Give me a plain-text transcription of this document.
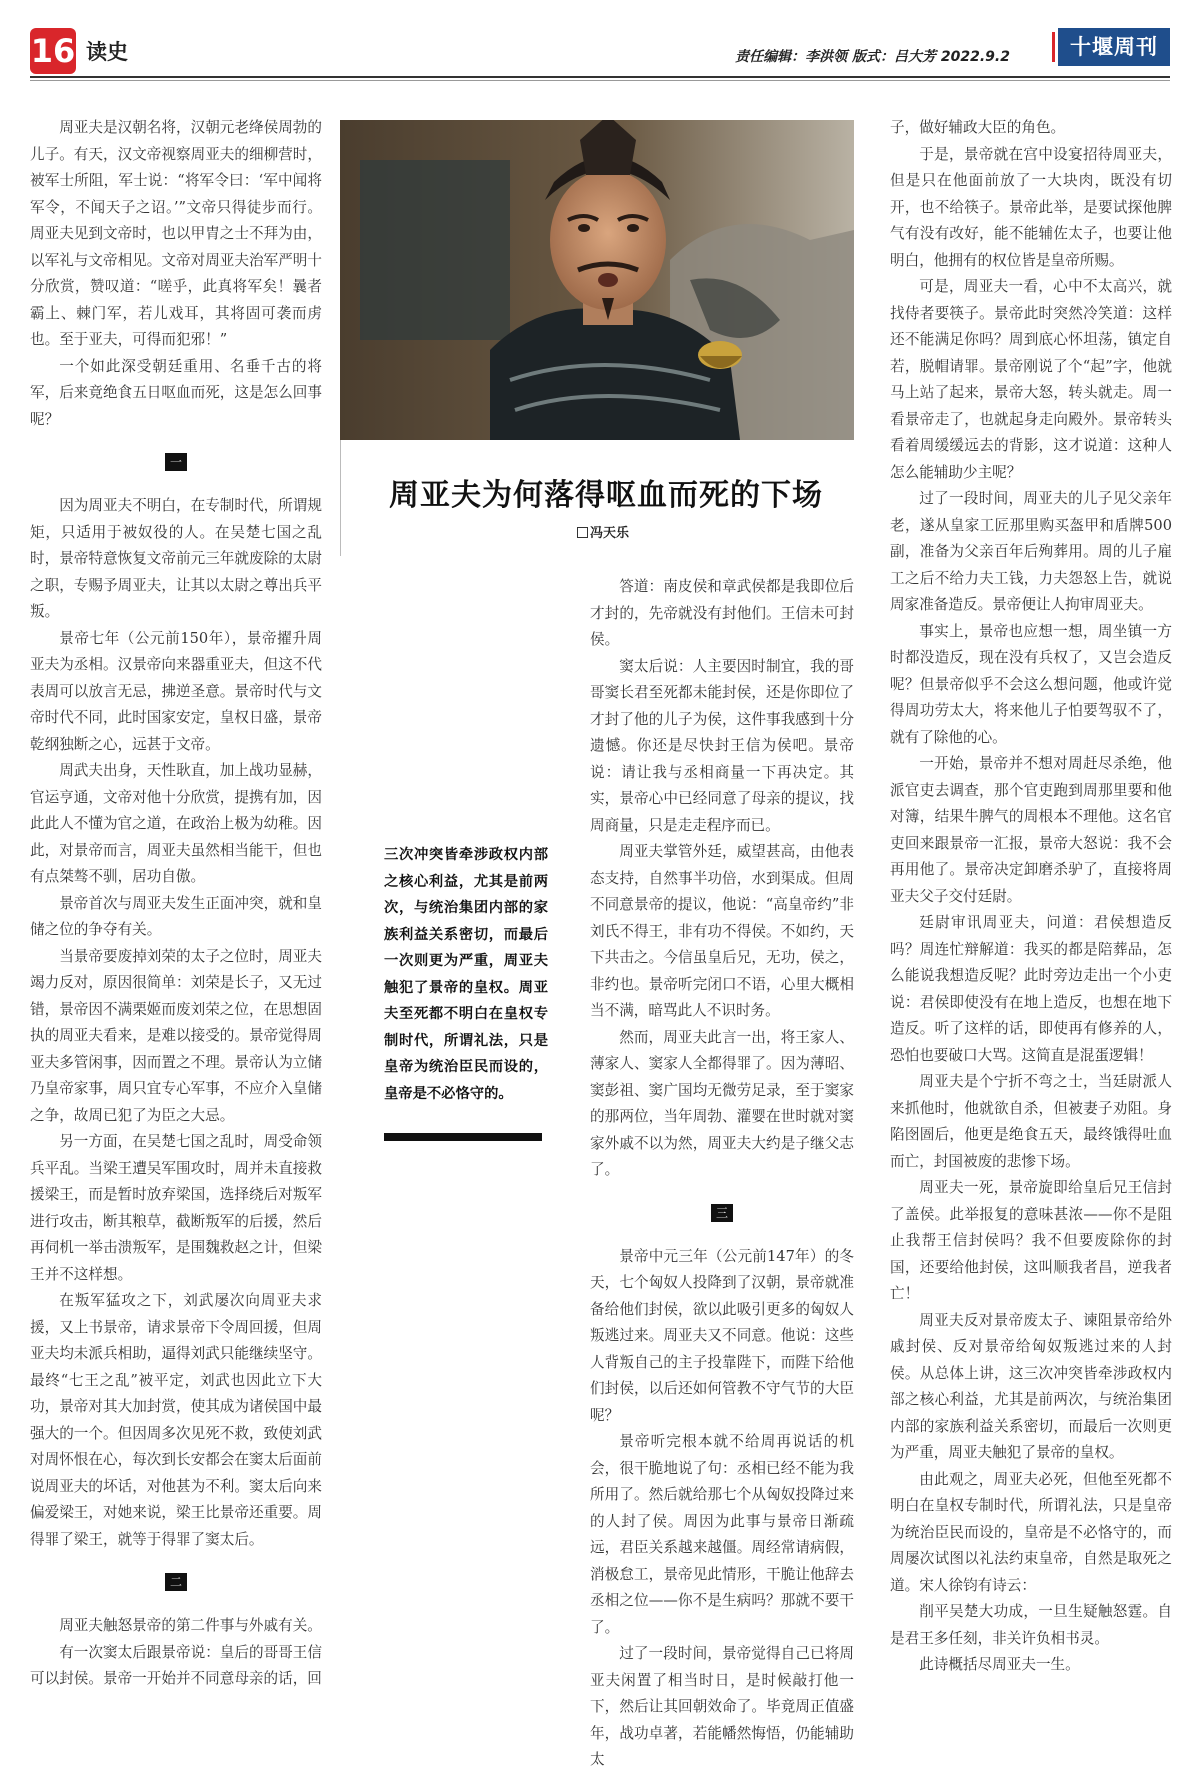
16 读史	责任编辑：李洪领 版式：吕大芳 2022.9.2	十堰周刊

周亚夫是汉朝名将，汉朝元老绛侯周勃的儿子。有天，汉文帝视察周亚夫的细柳营时，被军士所阻，军士说：“将军令曰：‘军中闻将军令，不闻天子之诏。’”文帝只得徒步而行。周亚夫见到文帝时，也以甲胄之士不拜为由，以军礼与文帝相见。文帝对周亚夫治军严明十分欣赏，赞叹道：“嗟乎，此真将军矣！曩者霸上、棘门军，若儿戏耳，其将固可袭而虏也。至于亚夫，可得而犯邪！”

一个如此深受朝廷重用、名垂千古的将军，后来竟绝食五日呕血而死，这是怎么回事呢？

一

因为周亚夫不明白，在专制时代，所谓规矩，只适用于被奴役的人。在吴楚七国之乱时，景帝特意恢复文帝前元三年就废除的太尉之职，专赐予周亚夫，让其以太尉之尊出兵平叛。

景帝七年（公元前150年），景帝擢升周亚夫为丞相。汉景帝向来器重亚夫，但这不代表周可以放言无忌，拂逆圣意。景帝时代与文帝时代不同，此时国家安定，皇权日盛，景帝乾纲独断之心，远甚于文帝。

周武夫出身，天性耿直，加上战功显赫，官运亨通，文帝对他十分欣赏，提携有加，因此此人不懂为官之道，在政治上极为幼稚。因此，对景帝而言，周亚夫虽然相当能干，但也有点桀骜不驯，居功自傲。

景帝首次与周亚夫发生正面冲突，就和皇储之位的争夺有关。

当景帝要废掉刘荣的太子之位时，周亚夫竭力反对，原因很简单：刘荣是长子，又无过错，景帝因不满栗姬而废刘荣之位，在思想固执的周亚夫看来，是难以接受的。景帝觉得周亚夫多管闲事，因而置之不理。景帝认为立储乃皇帝家事，周只宜专心军事，不应介入皇储之争，故周已犯了为臣之大忌。

另一方面，在吴楚七国之乱时，周受命领兵平乱。当梁王遭吴军围攻时，周并未直接救援梁王，而是暂时放弃梁国，选择绕后对叛军进行攻击，断其粮草，截断叛军的后援，然后再伺机一举击溃叛军，是围魏救赵之计，但梁王并不这样想。

在叛军猛攻之下，刘武屡次向周亚夫求援，又上书景帝，请求景帝下令周回援，但周亚夫均未派兵相助，逼得刘武只能继续坚守。最终“七王之乱”被平定，刘武也因此立下大功，景帝对其大加封赏，使其成为诸侯国中最强大的一个。但因周多次见死不救，致使刘武对周怀恨在心，每次到长安都会在窦太后面前说周亚夫的坏话，对他甚为不利。窦太后向来偏爱梁王，对她来说，梁王比景帝还重要。周得罪了梁王，就等于得罪了窦太后。

二

周亚夫触怒景帝的第二件事与外戚有关。

有一次窦太后跟景帝说：皇后的哥哥王信可以封侯。景帝一开始并不同意母亲的话，回

周亚夫为何落得呕血而死的下场
冯天乐
三次冲突皆牵涉政权内部之核心利益，尤其是前两次，与统治集团内部的家族利益关系密切，而最后一次则更为严重，周亚夫触犯了景帝的皇权。周亚夫至死都不明白在皇权专制时代，所谓礼法，只是皇帝为统治臣民而设的，皇帝是不必恪守的。

答道：南皮侯和章武侯都是我即位后才封的，先帝就没有封他们。王信未可封侯。

窦太后说：人主要因时制宜，我的哥哥窦长君至死都未能封侯，还是你即位了才封了他的儿子为侯，这件事我感到十分遗憾。你还是尽快封王信为侯吧。景帝说：请让我与丞相商量一下再决定。其实，景帝心中已经同意了母亲的提议，找周商量，只是走走程序而已。

周亚夫掌管外廷，威望甚高，由他表态支持，自然事半功倍，水到渠成。但周不同意景帝的提议，他说：“高皇帝约”非刘氏不得王，非有功不得侯。不如约，天下共击之。今信虽皇后兄，无功，侯之，非约也。景帝听完闭口不语，心里大概相当不满，暗骂此人不识时务。

然而，周亚夫此言一出，将王家人、薄家人、窦家人全都得罪了。因为薄昭、窦彭祖、窦广国均无微劳足录，至于窦家的那两位，当年周勃、灌婴在世时就对窦家外戚不以为然，周亚夫大约是子继父志了。

三

景帝中元三年（公元前147年）的冬天，七个匈奴人投降到了汉朝，景帝就准备给他们封侯，欲以此吸引更多的匈奴人叛逃过来。周亚夫又不同意。他说：这些人背叛自己的主子投靠陛下，而陛下给他们封侯，以后还如何管教不守气节的大臣呢？

景帝听完根本就不给周再说话的机会，很干脆地说了句：丞相已经不能为我所用了。然后就给那七个从匈奴投降过来的人封了侯。周因为此事与景帝日渐疏远，君臣关系越来越僵。周经常请病假，消极怠工，景帝见此情形，干脆让他辞去丞相之位——你不是生病吗？那就不要干了。

过了一段时间，景帝觉得自己已将周亚夫闲置了相当时日，是时候敲打他一下，然后让其回朝效命了。毕竟周正值盛年，战功卓著，若能幡然悔悟，仍能辅助太

子，做好辅政大臣的角色。

于是，景帝就在宫中设宴招待周亚夫，但是只在他面前放了一大块肉，既没有切开，也不给筷子。景帝此举，是要试探他脾气有没有改好，能不能辅佐太子，也要让他明白，他拥有的权位皆是皇帝所赐。

可是，周亚夫一看，心中不太高兴，就找侍者要筷子。景帝此时突然冷笑道：这样还不能满足你吗？周到底心怀坦荡，镇定自若，脱帽请罪。景帝刚说了个“起”字，他就马上站了起来，景帝大怒，转头就走。周一看景帝走了，也就起身走向殿外。景帝转头看着周缓缓远去的背影，这才说道：这种人怎么能辅助少主呢？

过了一段时间，周亚夫的儿子见父亲年老，遂从皇家工匠那里购买盔甲和盾牌500副，准备为父亲百年后殉葬用。周的儿子雇工之后不给力夫工钱，力夫怨怒上告，就说周家准备造反。景帝便让人拘审周亚夫。

事实上，景帝也应想一想，周坐镇一方时都没造反，现在没有兵权了，又岂会造反呢？但景帝似乎不会这么想问题，他或许觉得周功劳太大，将来他儿子怕要驾驭不了，就有了除他的心。

一开始，景帝并不想对周赶尽杀绝，他派官吏去调查，那个官吏跑到周那里要和他对簿，结果牛脾气的周根本不理他。这名官吏回来跟景帝一汇报，景帝大怒说：我不会再用他了。景帝决定卸磨杀驴了，直接将周亚夫父子交付廷尉。

廷尉审讯周亚夫，问道：君侯想造反吗？周连忙辩解道：我买的都是陪葬品，怎么能说我想造反呢？此时旁边走出一个小吏说：君侯即使没有在地上造反，也想在地下造反。听了这样的话，即使再有修养的人，恐怕也要破口大骂。这简直是混蛋逻辑！

周亚夫是个宁折不弯之士，当廷尉派人来抓他时，他就欲自杀，但被妻子劝阻。身陷囹圄后，他更是绝食五天，最终饿得吐血而亡，封国被废的悲惨下场。

周亚夫一死，景帝旋即给皇后兄王信封了盖侯。此举报复的意味甚浓——你不是阻止我帮王信封侯吗？我不但要废除你的封国，还要给他封侯，这叫顺我者昌，逆我者亡！

周亚夫反对景帝废太子、谏阻景帝给外戚封侯、反对景帝给匈奴叛逃过来的人封侯。从总体上讲，这三次冲突皆牵涉政权内部之核心利益，尤其是前两次，与统治集团内部的家族利益关系密切，而最后一次则更为严重，周亚夫触犯了景帝的皇权。

由此观之，周亚夫必死，但他至死都不明白在皇权专制时代，所谓礼法，只是皇帝为统治臣民而设的，皇帝是不必恪守的，而周屡次试图以礼法约束皇帝，自然是取死之道。宋人徐钧有诗云：

削平吴楚大功成，一旦生疑触怒霆。自是君王多任刻，非关许负相书灵。

此诗概括尽周亚夫一生。
